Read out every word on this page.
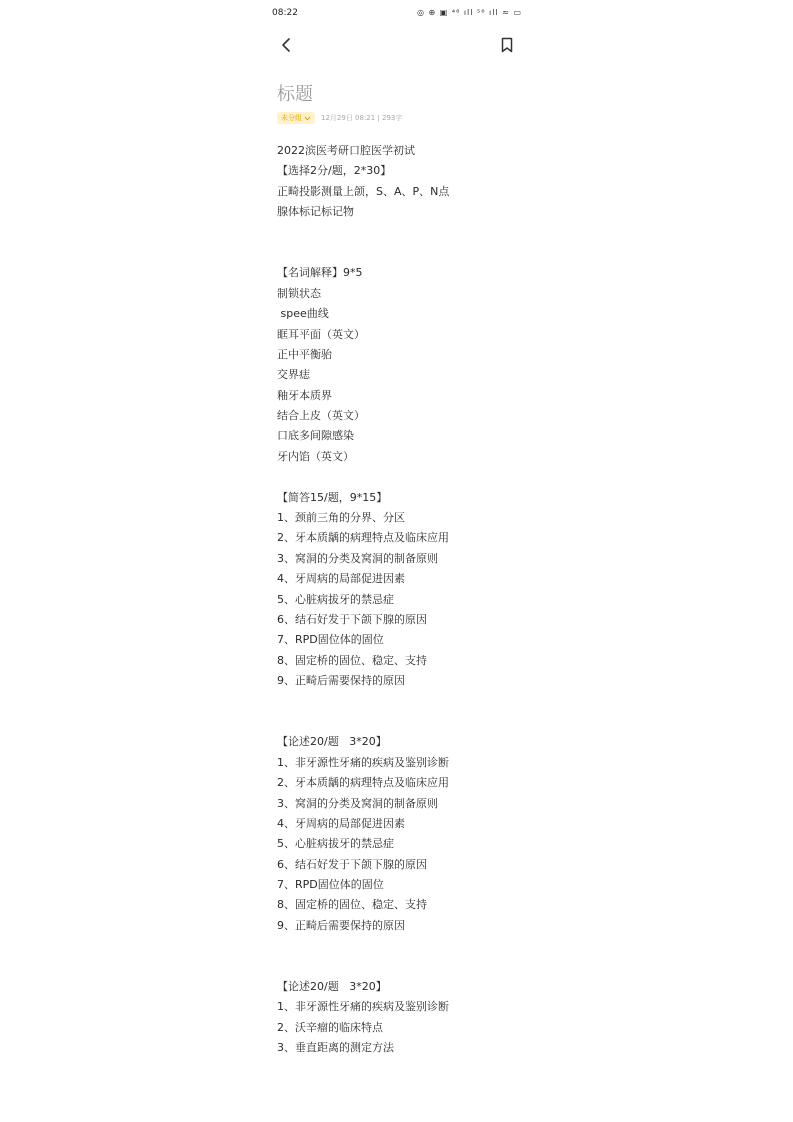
08:22	◎ ⊕ ▣ ⁴⁶ ıll ⁵⁶ ıll ≈ ▭
标题
未分组	12月29日 08:21 | 293字
2022滨医考研口腔医学初试
【选择2分/题，2*30】
正畸投影测量上颌，S、A、P、N点
腺体标记标记物
【名词解释】9*5
制锁状态
spee曲线
眶耳平面（英文）
正中平衡骀
交界痣
釉牙本质界
结合上皮（英文）
口底多间隙感染
牙内馅（英文）
【简答15/题，9*15】
1、颈前三角的分界、分区
2、牙本质龋的病理特点及临床应用
3、窝洞的分类及窝洞的制备原则
4、牙周病的局部促进因素
5、心脏病拔牙的禁忌症
6、结石好发于下颌下腺的原因
7、RPD固位体的固位
8、固定桥的固位、稳定、支持
9、正畸后需要保持的原因
【论述20/题   3*20】
1、非牙源性牙痛的疾病及鉴别诊断
2、牙本质龋的病理特点及临床应用
3、窝洞的分类及窝洞的制备原则
4、牙周病的局部促进因素
5、心脏病拔牙的禁忌症
6、结石好发于下颌下腺的原因
7、RPD固位体的固位
8、固定桥的固位、稳定、支持
9、正畸后需要保持的原因
【论述20/题   3*20】
1、非牙源性牙痛的疾病及鉴别诊断
2、沃辛瘤的临床特点
3、垂直距离的测定方法
